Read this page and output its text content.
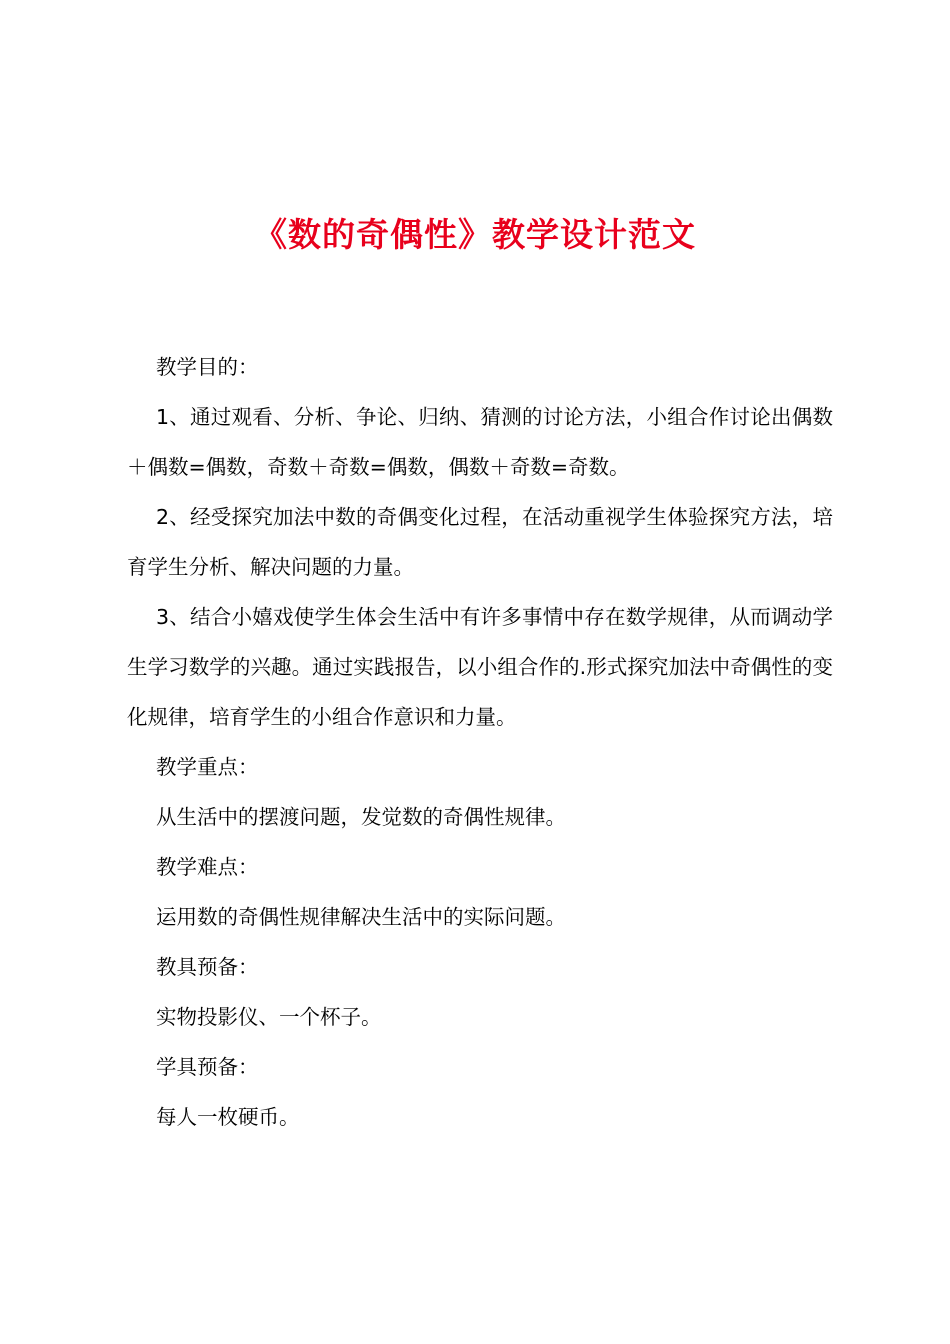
《数的奇偶性》教学设计范文

教学目的：

1、通过观看、分析、争论、归纳、猜测的讨论方法，小组合作讨论出偶数＋偶数=偶数，奇数＋奇数=偶数，偶数＋奇数=奇数。

2、经受探究加法中数的奇偶变化过程，在活动重视学生体验探究方法，培育学生分析、解决问题的力量。

3、结合小嬉戏使学生体会生活中有许多事情中存在数学规律，从而调动学生学习数学的兴趣。通过实践报告，以小组合作的.形式探究加法中奇偶性的变化规律，培育学生的小组合作意识和力量。

教学重点：

从生活中的摆渡问题，发觉数的奇偶性规律。

教学难点：

运用数的奇偶性规律解决生活中的实际问题。

教具预备：

实物投影仪、一个杯子。

学具预备：

每人一枚硬币。
